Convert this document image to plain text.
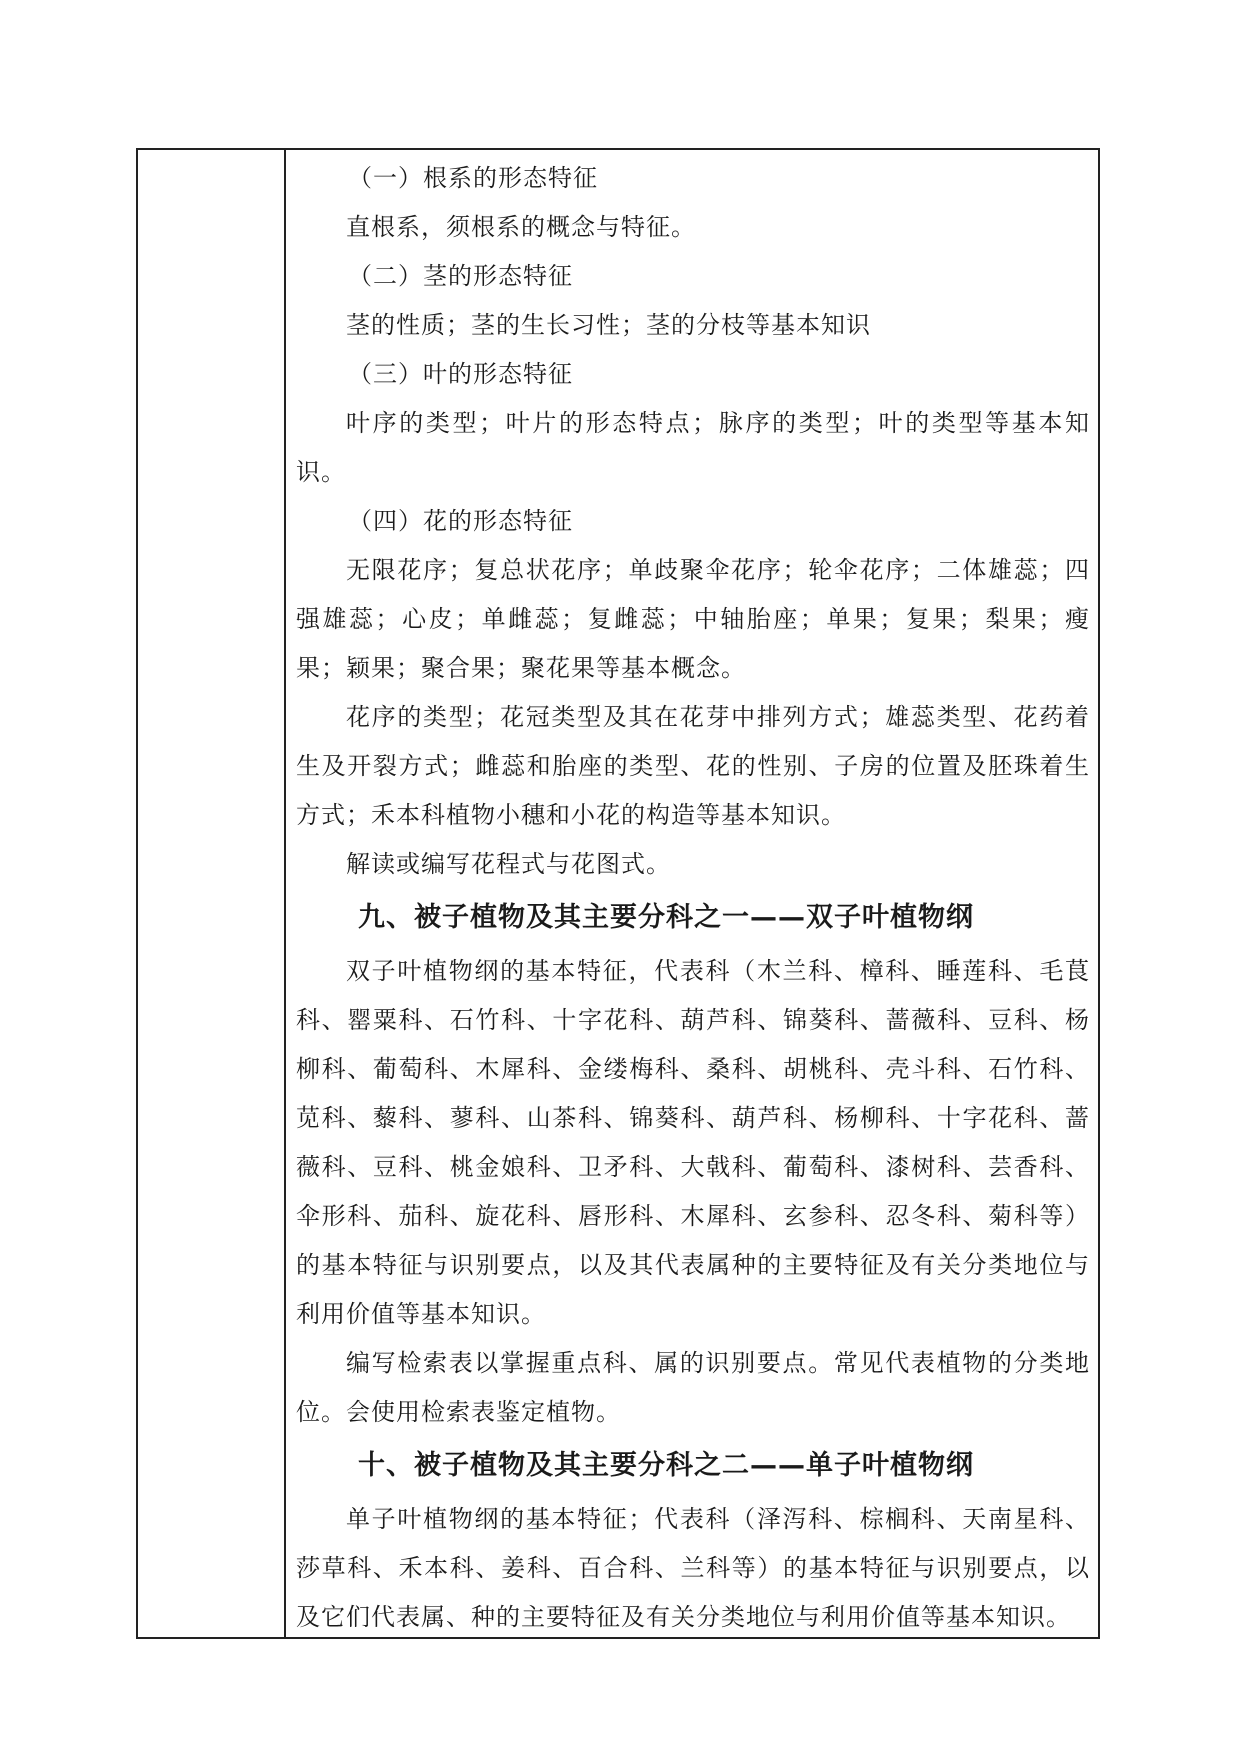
（一）根系的形态特征

直根系，须根系的概念与特征。

（二）茎的形态特征

茎的性质；茎的生长习性；茎的分枝等基本知识

（三）叶的形态特征

叶序的类型；叶片的形态特点；脉序的类型；叶的类型等基本知识。

（四）花的形态特征

无限花序；复总状花序；单歧聚伞花序；轮伞花序；二体雄蕊；四强雄蕊；心皮；单雌蕊；复雌蕊；中轴胎座；单果；复果；梨果；瘦果；颖果；聚合果；聚花果等基本概念。

花序的类型；花冠类型及其在花芽中排列方式；雄蕊类型、花药着生及开裂方式；雌蕊和胎座的类型、花的性别、子房的位置及胚珠着生方式；禾本科植物小穗和小花的构造等基本知识。

解读或编写花程式与花图式。

九、被子植物及其主要分科之一——双子叶植物纲

双子叶植物纲的基本特征，代表科（木兰科、樟科、睡莲科、毛茛科、罂粟科、石竹科、十字花科、葫芦科、锦葵科、蔷薇科、豆科、杨柳科、葡萄科、木犀科、金缕梅科、桑科、胡桃科、壳斗科、石竹科、苋科、藜科、蓼科、山茶科、锦葵科、葫芦科、杨柳科、十字花科、蔷薇科、豆科、桃金娘科、卫矛科、大戟科、葡萄科、漆树科、芸香科、伞形科、茄科、旋花科、唇形科、木犀科、玄参科、忍冬科、菊科等）的基本特征与识别要点，以及其代表属种的主要特征及有关分类地位与利用价值等基本知识。

编写检索表以掌握重点科、属的识别要点。常见代表植物的分类地位。会使用检索表鉴定植物。

十、被子植物及其主要分科之二——单子叶植物纲

单子叶植物纲的基本特征；代表科（泽泻科、棕榈科、天南星科、莎草科、禾本科、姜科、百合科、兰科等）的基本特征与识别要点，以及它们代表属、种的主要特征及有关分类地位与利用价值等基本知识。
